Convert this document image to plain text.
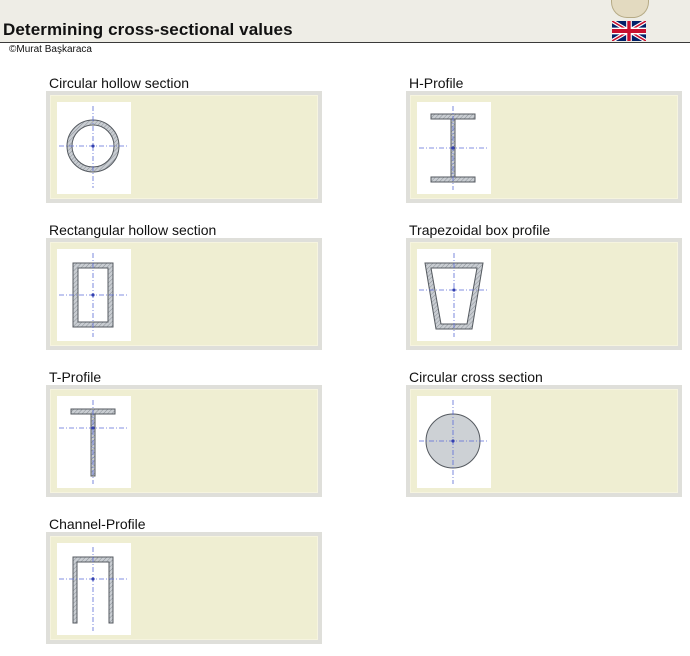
Determining cross-sectional values
©Murat Başkaraca
Circular hollow section	H-Profile
Rectangular hollow section	Trapezoidal box profile
T-Profile	Circular cross section
Channel-Profile
